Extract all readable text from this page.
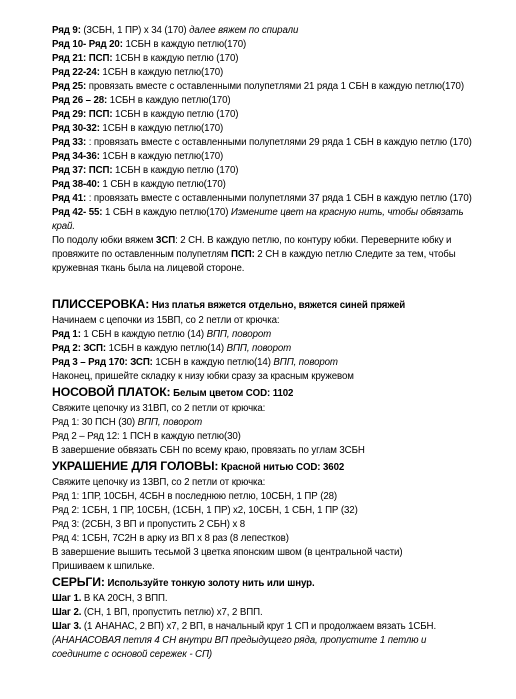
Ряд 9: (3СБН, 1 ПР) х 34 (170) далее вяжем по спирали

Ряд 10- Ряд 20: 1СБН в каждую петлю(170)

Ряд 21: ПСП: 1СБН в каждую петлю (170)

Ряд 22-24: 1СБН в каждую петлю(170)

Ряд 25: провязать вместе с оставленными полупетлями 21 ряда 1 СБН в каждую петлю(170)

Ряд 26 – 28: 1СБН в каждую петлю(170)

Ряд 29: ПСП: 1СБН в каждую петлю (170)

Ряд 30-32: 1СБН в каждую петлю(170)

Ряд 33: : провязать вместе с оставленными полупетлями 29 ряда 1 СБН в каждую петлю (170)

Ряд 34-36: 1СБН в каждую петлю(170)

Ряд 37: ПСП: 1СБН в каждую петлю (170)

Ряд 38-40: 1 СБН в каждую петлю(170)

Ряд 41: : провязать вместе с оставленными полупетлями 37 ряда 1 СБН в каждую петлю (170)

Ряд 42- 55: 1 СБН в каждую петлю(170) Измените цвет на красную нить, чтобы обвязать край.

По подолу юбки вяжем 3СП: 2 СН. В каждую петлю, по контуру юбки. Переверните юбку и провяжите по оставленным полупетлям ПСП: 2 СН в каждую петлю Следите за тем, чтобы кружевная ткань была на лицевой стороне.

ПЛИССЕРОВКА: Низ платья вяжется отдельно, вяжется синей пряжей

Начинаем с цепочки из 15ВП, со 2 петли от крючка:

Ряд 1: 1 СБН в каждую петлю (14) ВПП, поворот

Ряд 2: ЗСП: 1СБН в каждую петлю(14) ВПП, поворот

Ряд 3 – Ряд 170: ЗСП: 1СБН в каждую петлю(14) ВПП, поворот

Наконец, пришейте складку к низу юбки сразу за красным кружевом

НОСОВОЙ ПЛАТОК: Белым цветом COD: 1102

Свяжите цепочку из 31ВП, со 2 петли от крючка:

Ряд 1: 30 ПСН (30) ВПП, поворот

Ряд 2 – Ряд 12: 1 ПСН в каждую петлю(30)

В завершение обвязать СБН по всему краю, провязать по углам 3СБН

УКРАШЕНИЕ ДЛЯ ГОЛОВЫ: Красной нитью COD: 3602

Свяжите цепочку из 13ВП, со 2 петли от крючка:

Ряд 1: 1ПР, 10СБН, 4СБН в последнюю петлю, 10СБН, 1 ПР (28)

Ряд 2: 1СБН, 1 ПР, 10СБН, (1СБН, 1 ПР) х2, 10СБН, 1 СБН, 1 ПР (32)

Ряд 3: (2СБН, 3 ВП и пропустить 2 СБН) х 8

Ряд 4: 1СБН, 7С2Н в арку из ВП х 8 раз (8 лепестков)

В завершение вышить тесьмой 3 цветка японским швом (в центральной части)

Пришиваем к шпильке.

СЕРЬГИ: Используйте тонкую золоту нить или шнур.

Шаг 1. В КА 20СН, 3 ВПП.

Шаг 2. (СН, 1 ВП, пропустить петлю) х7, 2 ВПП.

Шаг 3. (1 АНАНАС, 2 ВП) х7, 2 ВП, в начальный круг 1 СП и продолжаем вязать 1СБН. (АНАНАСОВАЯ петля 4 СН внутри ВП предыдущего ряда, пропустите 1 петлю и соедините с основой сережек - СП)
